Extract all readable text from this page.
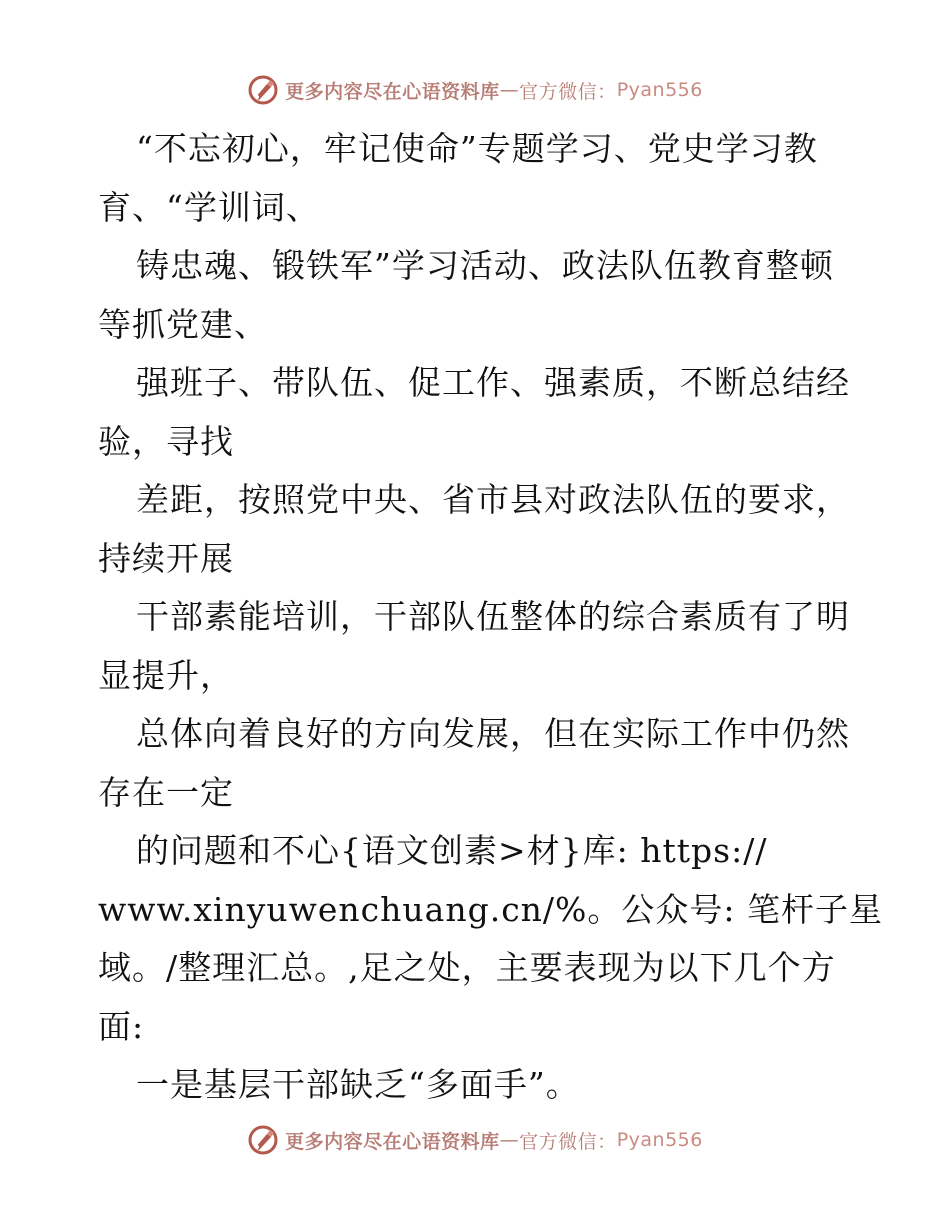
更多内容尽在心语资料库 — 官方微信： Pyan556
“不忘初心，牢记使命”专题学习、党史学习教
育、“学训词、
铸忠魂、锻铁军”学习活动、政法队伍教育整顿
等抓党建、
强班子、带队伍、促工作、强素质，不断总结经
验，寻找
差距，按照党中央、省市县对政法队伍的要求，
持续开展
干部素能培训，干部队伍整体的综合素质有了明
显提升，
总体向着良好的方向发展，但在实际工作中仍然
存在一定
的问题和不心{语文创素>材}库: https://
www.xinyuwenchuang.cn/%。公众号: 笔杆子星
域。/整理汇总。,足之处，主要表现为以下几个方
面:
一是基层干部缺乏“多面手”。
更多内容尽在心语资料库 — 官方微信： Pyan556
